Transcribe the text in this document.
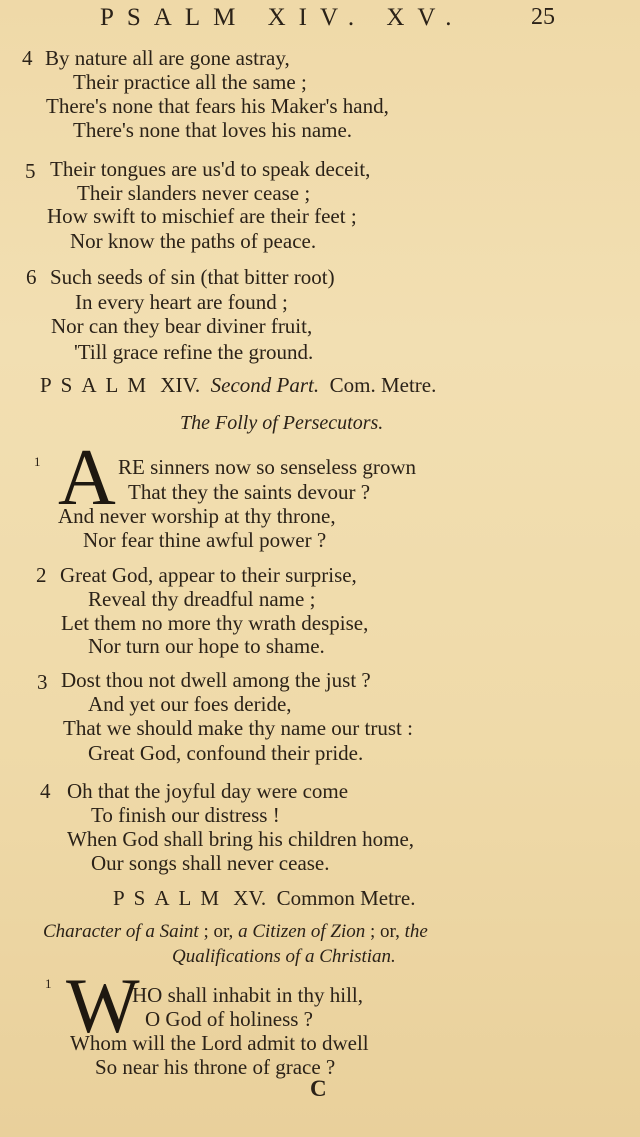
PSALM XIV. XV.	25
4 By nature all are gone astray,
Their practice all the same ;
There's none that fears his Maker's hand,
There's none that loves his name.
5 Their tongues are us'd to speak deceit,
Their slanders never cease ;
How swift to mischief are their feet ;
Nor know the paths of peace.
6 Such seeds of sin (that bitter root)
In every heart are found ;
Nor can they bear diviner fruit,
'Till grace refine the ground.
PSALM XIV. Second Part. Com. Metre.
The Folly of Persecutors.
1 A RE sinners now so senseless grown
That they the saints devour ?
And never worship at thy throne,
Nor fear thine awful power ?
2 Great God, appear to their surprise,
Reveal thy dreadful name ;
Let them no more thy wrath despise,
Nor turn our hope to shame.
3 Dost thou not dwell among the just ?
And yet our foes deride,
That we should make thy name our trust :
Great God, confound their pride.
4 Oh that the joyful day were come
To finish our distress !
When God shall bring his children home,
Our songs shall never cease.
PSALM XV. Common Metre.
Character of a Saint ; or, a Citizen of Zion ; or, the
Qualifications of a Christian.
1 W
HO shall inhabit in thy hill,
O God of holiness ?
Whom will the Lord admit to dwell
So near his throne of grace ?
C
